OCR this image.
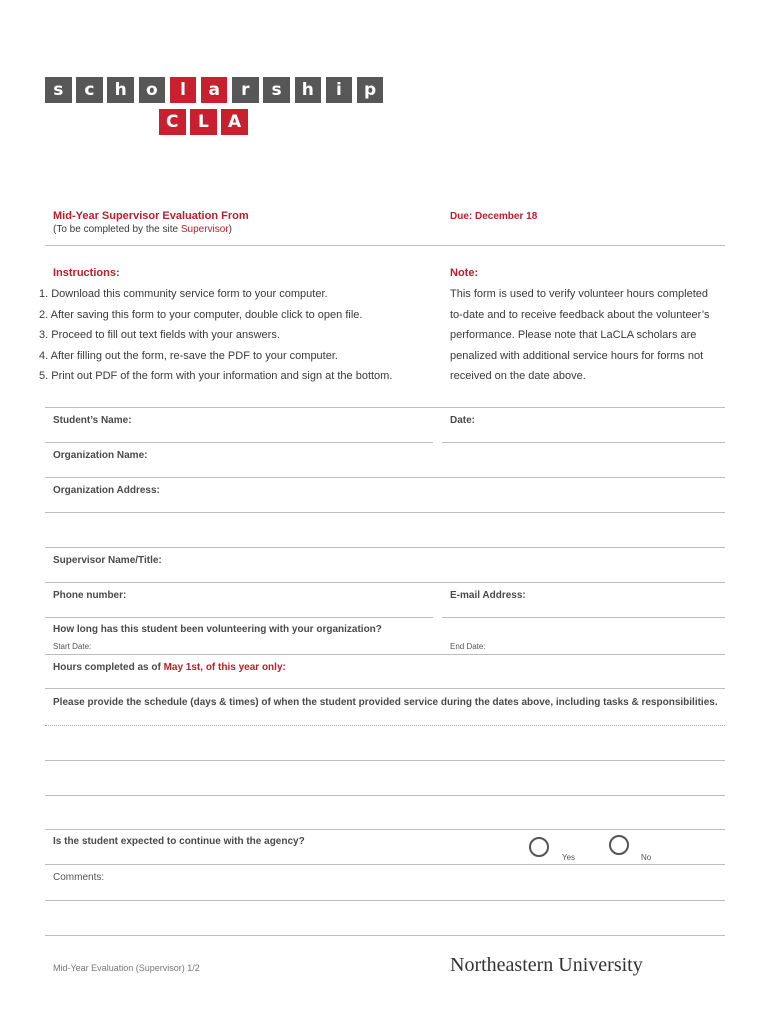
s	c	h	o	l	a	r	s	h	i	p
C	L	A
Mid-Year Supervisor Evaluation From
(To be completed by the site Supervisor)
Due: December 18
Instructions:
1. Download this community service form to your computer.
2. After saving this form to your computer, double click to open file.
3. Proceed to fill out text fields with your answers.
4. After filling out the form, re-save the PDF to your computer.
5. Print out PDF of the form with your information and sign at the bottom.
Note:
This form is used to verify volunteer hours completed
to-date and to receive feedback about the volunteer’s
performance. Please note that LaCLA scholars are
penalized with additional service hours for forms not
received on the date above.
Student’s Name:	Date:
Organization Name:
Organization Address:
Supervisor Name/Title:
Phone number:	E-mail Address:
How long has this student been volunteering with your organization?
Start Date:	End Date:
Hours completed as of May 1st, of this year only:
Please provide the schedule (days & times) of when the student provided service during the dates above, including tasks & responsibilities.
Is the student expected to continue with the agency?
Yes	No
Comments:
Mid-Year Evaluation (Supervisor) 1/2	Northeastern University
